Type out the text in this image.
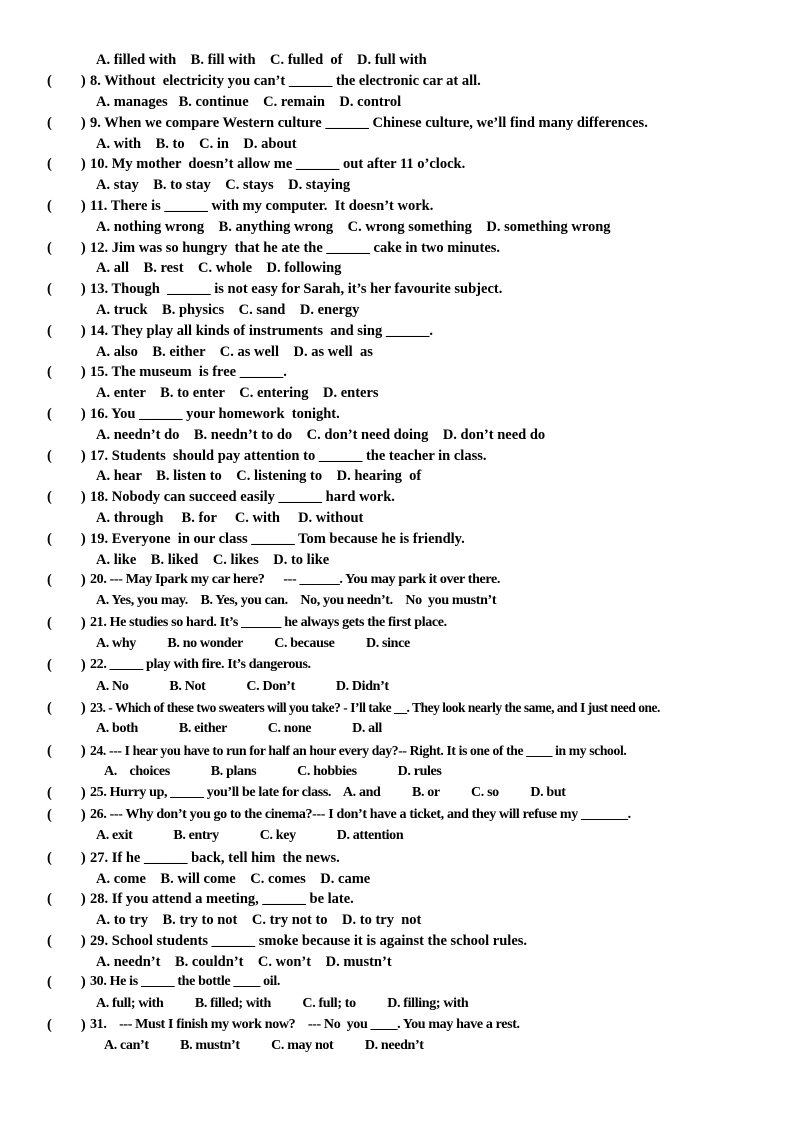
A. filled with    B. fill with    C. fulled  of    D. full with
(        ) 8. Without  electricity you can’t ______ the electronic car at all.
A. manages   B. continue    C. remain    D. control
(        ) 9. When we compare Western culture ______ Chinese culture, we’ll find many differences.
A. with    B. to    C. in    D. about
(        ) 10. My mother  doesn’t allow me ______ out after 11 o’clock.
A. stay    B. to stay    C. stays    D. staying
(        ) 11. There is ______ with my computer.  It doesn’t work.
A. nothing wrong    B. anything wrong    C. wrong something    D. something wrong
(        ) 12. Jim was so hungry  that he ate the ______ cake in two minutes.
A. all    B. rest    C. whole    D. following
(        ) 13. Though  ______ is not easy for Sarah, it’s her favourite subject.
A. truck    B. physics    C. sand    D. energy
(        ) 14. They play all kinds of instruments  and sing ______.
A. also    B. either    C. as well    D. as well  as
(        ) 15. The museum  is free ______.
A. enter    B. to enter    C. entering    D. enters
(        ) 16. You ______ your homework  tonight.
A. needn’t do    B. needn’t to do    C. don’t need doing    D. don’t need do
(        ) 17. Students  should pay attention to ______ the teacher in class.
A. hear    B. listen to    C. listening to    D. hearing  of
(        ) 18. Nobody can succeed easily ______ hard work.
A. through     B. for     C. with     D. without
(        ) 19. Everyone  in our class ______ Tom because he is friendly.
A. like    B. liked    C. likes    D. to like
(        ) 20. --- May Ipark my car here?      --- ______. You may park it over there.
A. Yes, you may.    B. Yes, you can.    No, you needn’t.    No  you mustn’t
(        ) 21. He studies so hard. It’s ______ he always gets the first place.
A. why          B. no wonder          C. because          D. since
(        ) 22. _____ play with fire. It’s dangerous.
A. No             B. Not             C. Don’t             D. Didn’t
(        ) 23. - Which of these two sweaters will you take? - I’ll take __. They look nearly the same, and I just need one.
A. both             B. either             C. none             D. all
(        ) 24. --- I hear you have to run for half an hour every day?-- Right. It is one of the ____ in my school.
A.    choices             B. plans             C. hobbies             D. rules
(        ) 25. Hurry up, _____ you’ll be late for class.    A. and          B. or          C. so          D. but
(        ) 26. --- Why don’t you go to the cinema?--- I don’t have a ticket, and they will refuse my _______.
A. exit             B. entry             C. key             D. attention
(        ) 27. If he ______ back, tell him  the news.
A. come    B. will come    C. comes    D. came
(        ) 28. If you attend a meeting, ______ be late.
A. to try    B. try to not    C. try not to    D. to try  not
(        ) 29. School students ______ smoke because it is against the school rules.
A. needn’t    B. couldn’t    C. won’t    D. mustn’t
(        ) 30. He is _____ the bottle ____ oil.
A. full; with          B. filled; with          C. full; to          D. filling; with
(        ) 31.    --- Must I finish my work now?    --- No  you ____. You may have a rest.
A. can’t          B. mustn’t          C. may not          D. needn’t
